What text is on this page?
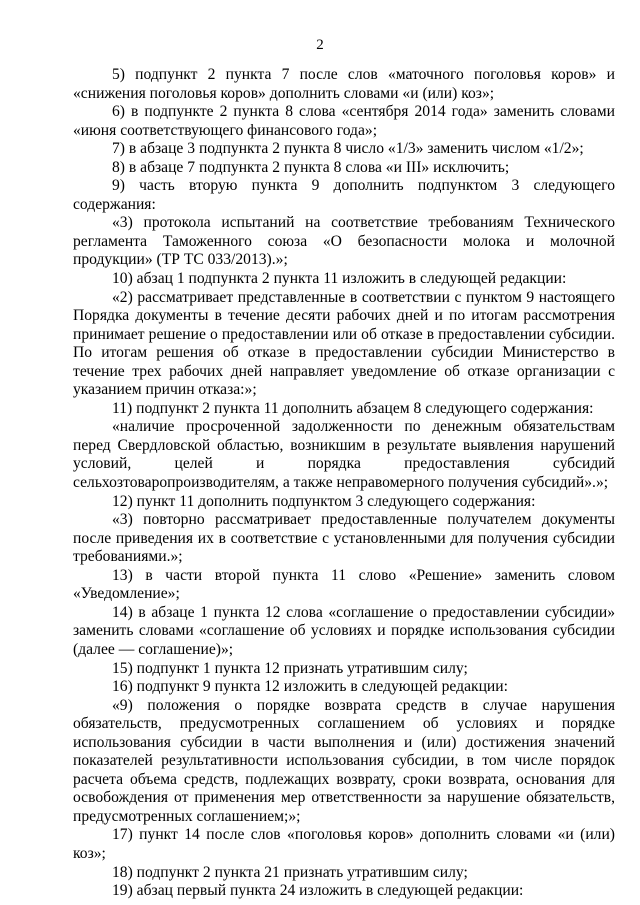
2

5) подпункт 2 пункта 7 после слов «маточного поголовья коров» и «снижения поголовья коров» дополнить словами «и (или) коз»;

6) в подпункте 2 пункта 8 слова «сентября 2014 года» заменить словами «июня соответствующего финансового года»;

7) в абзаце 3 подпункта 2 пункта 8 число «1/3» заменить числом «1/2»;

8) в абзаце 7 подпункта 2 пункта 8 слова «и III» исключить;

9) часть вторую пункта 9 дополнить подпунктом 3 следующего содержания:

«3) протокола испытаний на соответствие требованиям Технического регламента Таможенного союза «О безопасности молока и молочной продукции» (ТР ТС 033/2013).»;

10) абзац 1 подпункта 2 пункта 11 изложить в следующей редакции:

«2) рассматривает представленные в соответствии с пунктом 9 настоящего Порядка документы в течение десяти рабочих дней и по итогам рассмотрения принимает решение о предоставлении или об отказе в предоставлении субсидии. По итогам решения об отказе в предоставлении субсидии Министерство в течение трех рабочих дней направляет уведомление об отказе организации с указанием причин отказа:»;

11) подпункт 2 пункта 11 дополнить абзацем 8 следующего содержания:

«наличие просроченной задолженности по денежным обязательствам перед Свердловской областью, возникшим в результате выявления нарушений условий, целей и порядка предоставления субсидий сельхозтоваропроизводителям, а также неправомерного получения субсидий».»;

12) пункт 11 дополнить подпунктом 3 следующего содержания:

«3) повторно рассматривает предоставленные получателем документы после приведения их в соответствие с установленными для получения субсидии требованиями.»;

13) в части второй пункта 11 слово «Решение» заменить словом «Уведомление»;

14) в абзаце 1 пункта 12 слова «соглашение о предоставлении субсидии» заменить словами «соглашение об условиях и порядке использования субсидии (далее — соглашение)»;

15) подпункт 1 пункта 12 признать утратившим силу;

16) подпункт 9 пункта 12 изложить в следующей редакции:

«9) положения о порядке возврата средств в случае нарушения обязательств, предусмотренных соглашением об условиях и порядке использования субсидии в части выполнения и (или) достижения значений показателей результативности использования субсидии, в том числе порядок расчета объема средств, подлежащих возврату, сроки возврата, основания для освобождения от применения мер ответственности за нарушение обязательств, предусмотренных соглашением;»;

17) пункт 14 после слов «поголовья коров» дополнить словами «и (или) коз»;

18) подпункт 2 пункта 21 признать утратившим силу;

19) абзац первый пункта 24 изложить в следующей редакции:
